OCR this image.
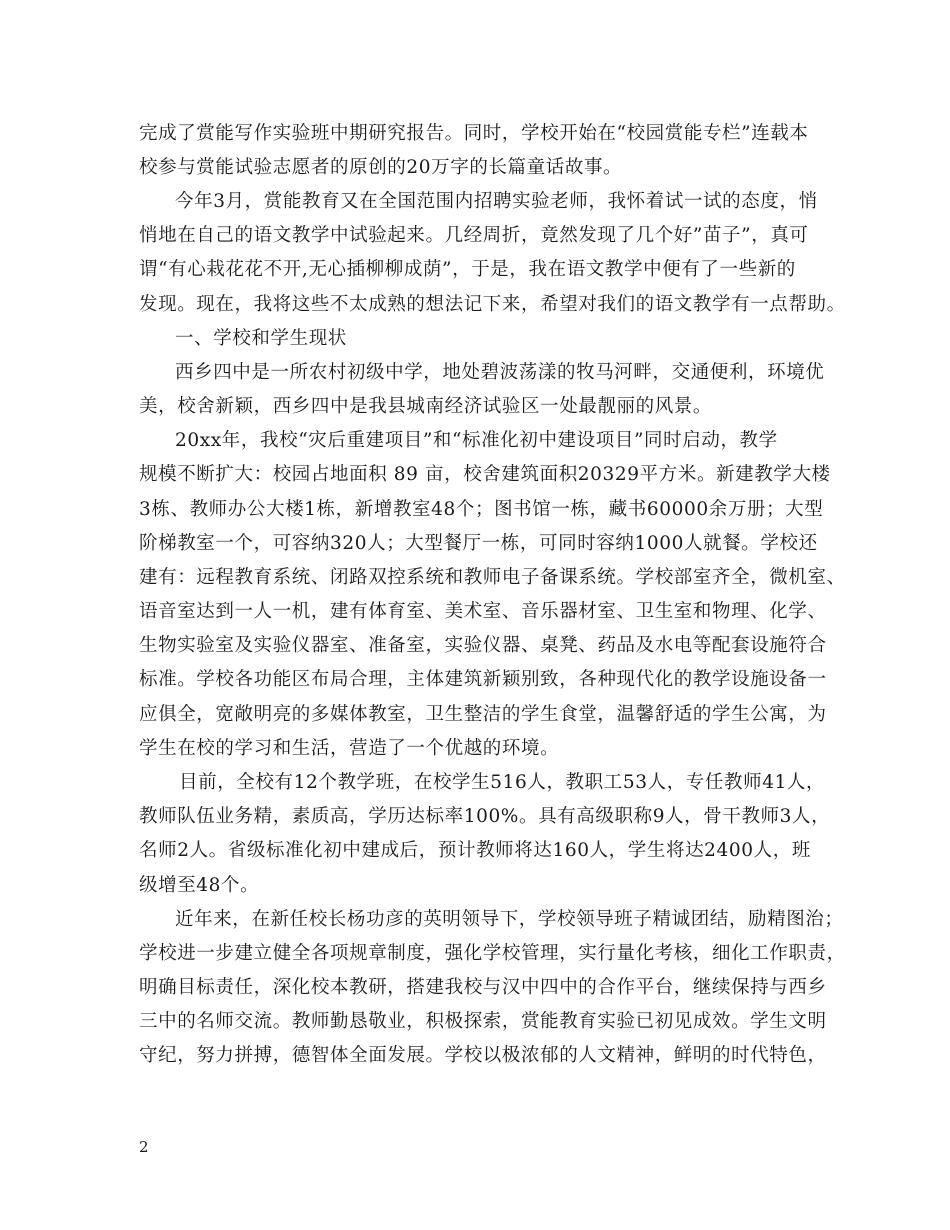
完成了赏能写作实验班中期研究报告。同时，学校开始在“校园赏能专栏”连载本
校参与赏能试验志愿者的原创的20万字的长篇童话故事。
今年3月，赏能教育又在全国范围内招聘实验老师，我怀着试一试的态度，悄
悄地在自己的语文教学中试验起来。几经周折，竟然发现了几个好”苗子”，真可
谓“有心栽花花不开,无心插柳柳成荫”，于是，我在语文教学中便有了一些新的
发现。现在，我将这些不太成熟的想法记下来，希望对我们的语文教学有一点帮助。
一、学校和学生现状
西乡四中是一所农村初级中学，地处碧波荡漾的牧马河畔，交通便利，环境优
美，校舍新颖，西乡四中是我县城南经济试验区一处最靓丽的风景。
20xx年，我校“灾后重建项目”和“标准化初中建设项目”同时启动，教学
规模不断扩大：校园占地面积 89 亩，校舍建筑面积20329平方米。新建教学大楼
3栋、教师办公大楼1栋，新增教室48个；图书馆一栋，藏书60000余万册；大型
阶梯教室一个，可容纳320人；大型餐厅一栋，可同时容纳1000人就餐。学校还
建有：远程教育系统、闭路双控系统和教师电子备课系统。学校部室齐全，微机室、
语音室达到一人一机，建有体育室、美术室、音乐器材室、卫生室和物理、化学、
生物实验室及实验仪器室、准备室，实验仪器、桌凳、药品及水电等配套设施符合
标准。学校各功能区布局合理，主体建筑新颖别致，各种现代化的教学设施设备一
应俱全，宽敞明亮的多媒体教室，卫生整洁的学生食堂，温馨舒适的学生公寓，为
学生在校的学习和生活，营造了一个优越的环境。
目前，全校有12个教学班，在校学生516人，教职工53人，专任教师41人，
教师队伍业务精，素质高，学历达标率100%。具有高级职称9人，骨干教师3人，
名师2人。省级标准化初中建成后，预计教师将达160人，学生将达2400人，班
级增至48个。
近年来，在新任校长杨功彦的英明领导下，学校领导班子精诚团结，励精图治；
学校进一步建立健全各项规章制度，强化学校管理，实行量化考核，细化工作职责，
明确目标责任，深化校本教研，搭建我校与汉中四中的合作平台，继续保持与西乡
三中的名师交流。教师勤恳敬业，积极探索，赏能教育实验已初见成效。学生文明
守纪，努力拼搏，德智体全面发展。学校以极浓郁的人文精神，鲜明的时代特色，
2
